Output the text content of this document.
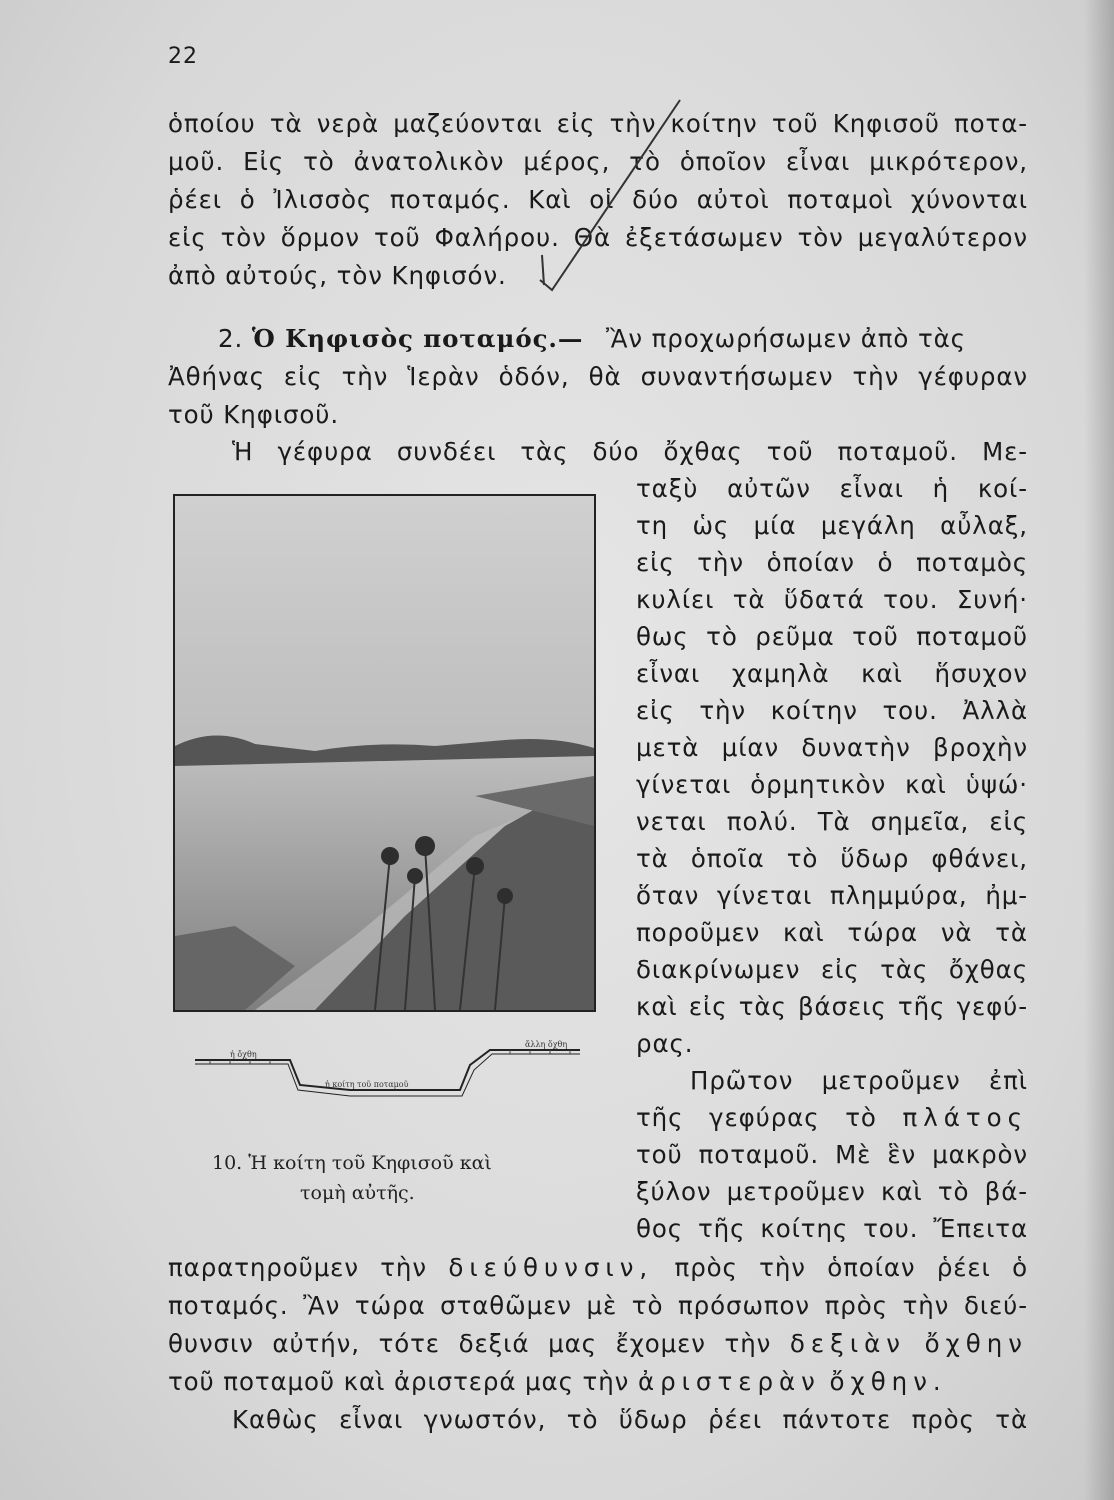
22
ὁποίου τὰ νερὰ μαζεύονται εἰς τὴν κοίτην τοῦ Κηφισοῦ ποτα-
μοῦ. Εἰς τὸ ἀνατολικὸν μέρος, τὸ ὁποῖον εἶναι μικρότερον,
ῥέει ὁ Ἰλισσὸς ποταμός. Καὶ οἱ δύο αὐτοὶ ποταμοὶ χύνονται
εἰς τὸν ὅρμον τοῦ Φαλήρου. Θὰ ἐξετάσωμεν τὸν μεγαλύτερον
ἀπὸ αὐτούς, τὸν Κηφισόν.
2. Ὁ Κηφισὸς ποταμός.— Ἂν προχωρήσωμεν ἀπὸ τὰς
Ἀθήνας εἰς τὴν Ἱερὰν ὁδόν, θὰ συναντήσωμεν τὴν γέφυραν
τοῦ Κηφισοῦ.
Ἡ γέφυρα συνδέει τὰς δύο ὄχθας τοῦ ποταμοῦ. Με-
ἡ ὄχθη
ἡ κοίτη τοῦ ποταμοῦ
ἄλλη ὄχθη
10. Ἡ κοίτη τοῦ Κηφισοῦ καὶ
τομὴ αὐτῆς.
ταξὺ αὐτῶν εἶναι ἡ κοί-
τη ὡς μία μεγάλη αὖλαξ,
εἰς τὴν ὁποίαν ὁ ποταμὸς
κυλίει τὰ ὕδατά του. Συνή·
θως τὸ ρεῦμα τοῦ ποταμοῦ
εἶναι χαμηλὰ καὶ ἥσυχον
εἰς τὴν κοίτην του. Ἀλλὰ
μετὰ μίαν δυνατὴν βροχὴν
γίνεται ὁρμητικὸν καὶ ὑψώ·
νεται πολύ. Τὰ σημεῖα, εἰς
τὰ ὁποῖα τὸ ὕδωρ φθάνει,
ὅταν γίνεται πλημμύρα, ἠμ-
ποροῦμεν καὶ τώρα νὰ τὰ
διακρίνωμεν εἰς τὰς ὄχθας
καὶ εἰς τὰς βάσεις τῆς γεφύ-
ρας.
Πρῶτον μετροῦμεν ἐπὶ
τῆς γεφύρας τὸ πλάτος
τοῦ ποταμοῦ. Μὲ ἓν μακρὸν
ξύλον μετροῦμεν καὶ τὸ βά-
θος τῆς κοίτης του. Ἔπειτα
παρατηροῦμεν τὴν διεύθυνσιν, πρὸς τὴν ὁποίαν ῥέει ὁ
ποταμός. Ἂν τώρα σταθῶμεν μὲ τὸ πρόσωπον πρὸς τὴν διεύ-
θυνσιν αὐτήν, τότε δεξιά μας ἔχομεν τὴν δεξιὰν ὄχθην
τοῦ ποταμοῦ καὶ ἀριστερά μας τὴν ἀριστερὰν ὄχθην.
Καθὼς εἶναι γνωστόν, τὸ ὕδωρ ῥέει πάντοτε πρὸς τὰ
